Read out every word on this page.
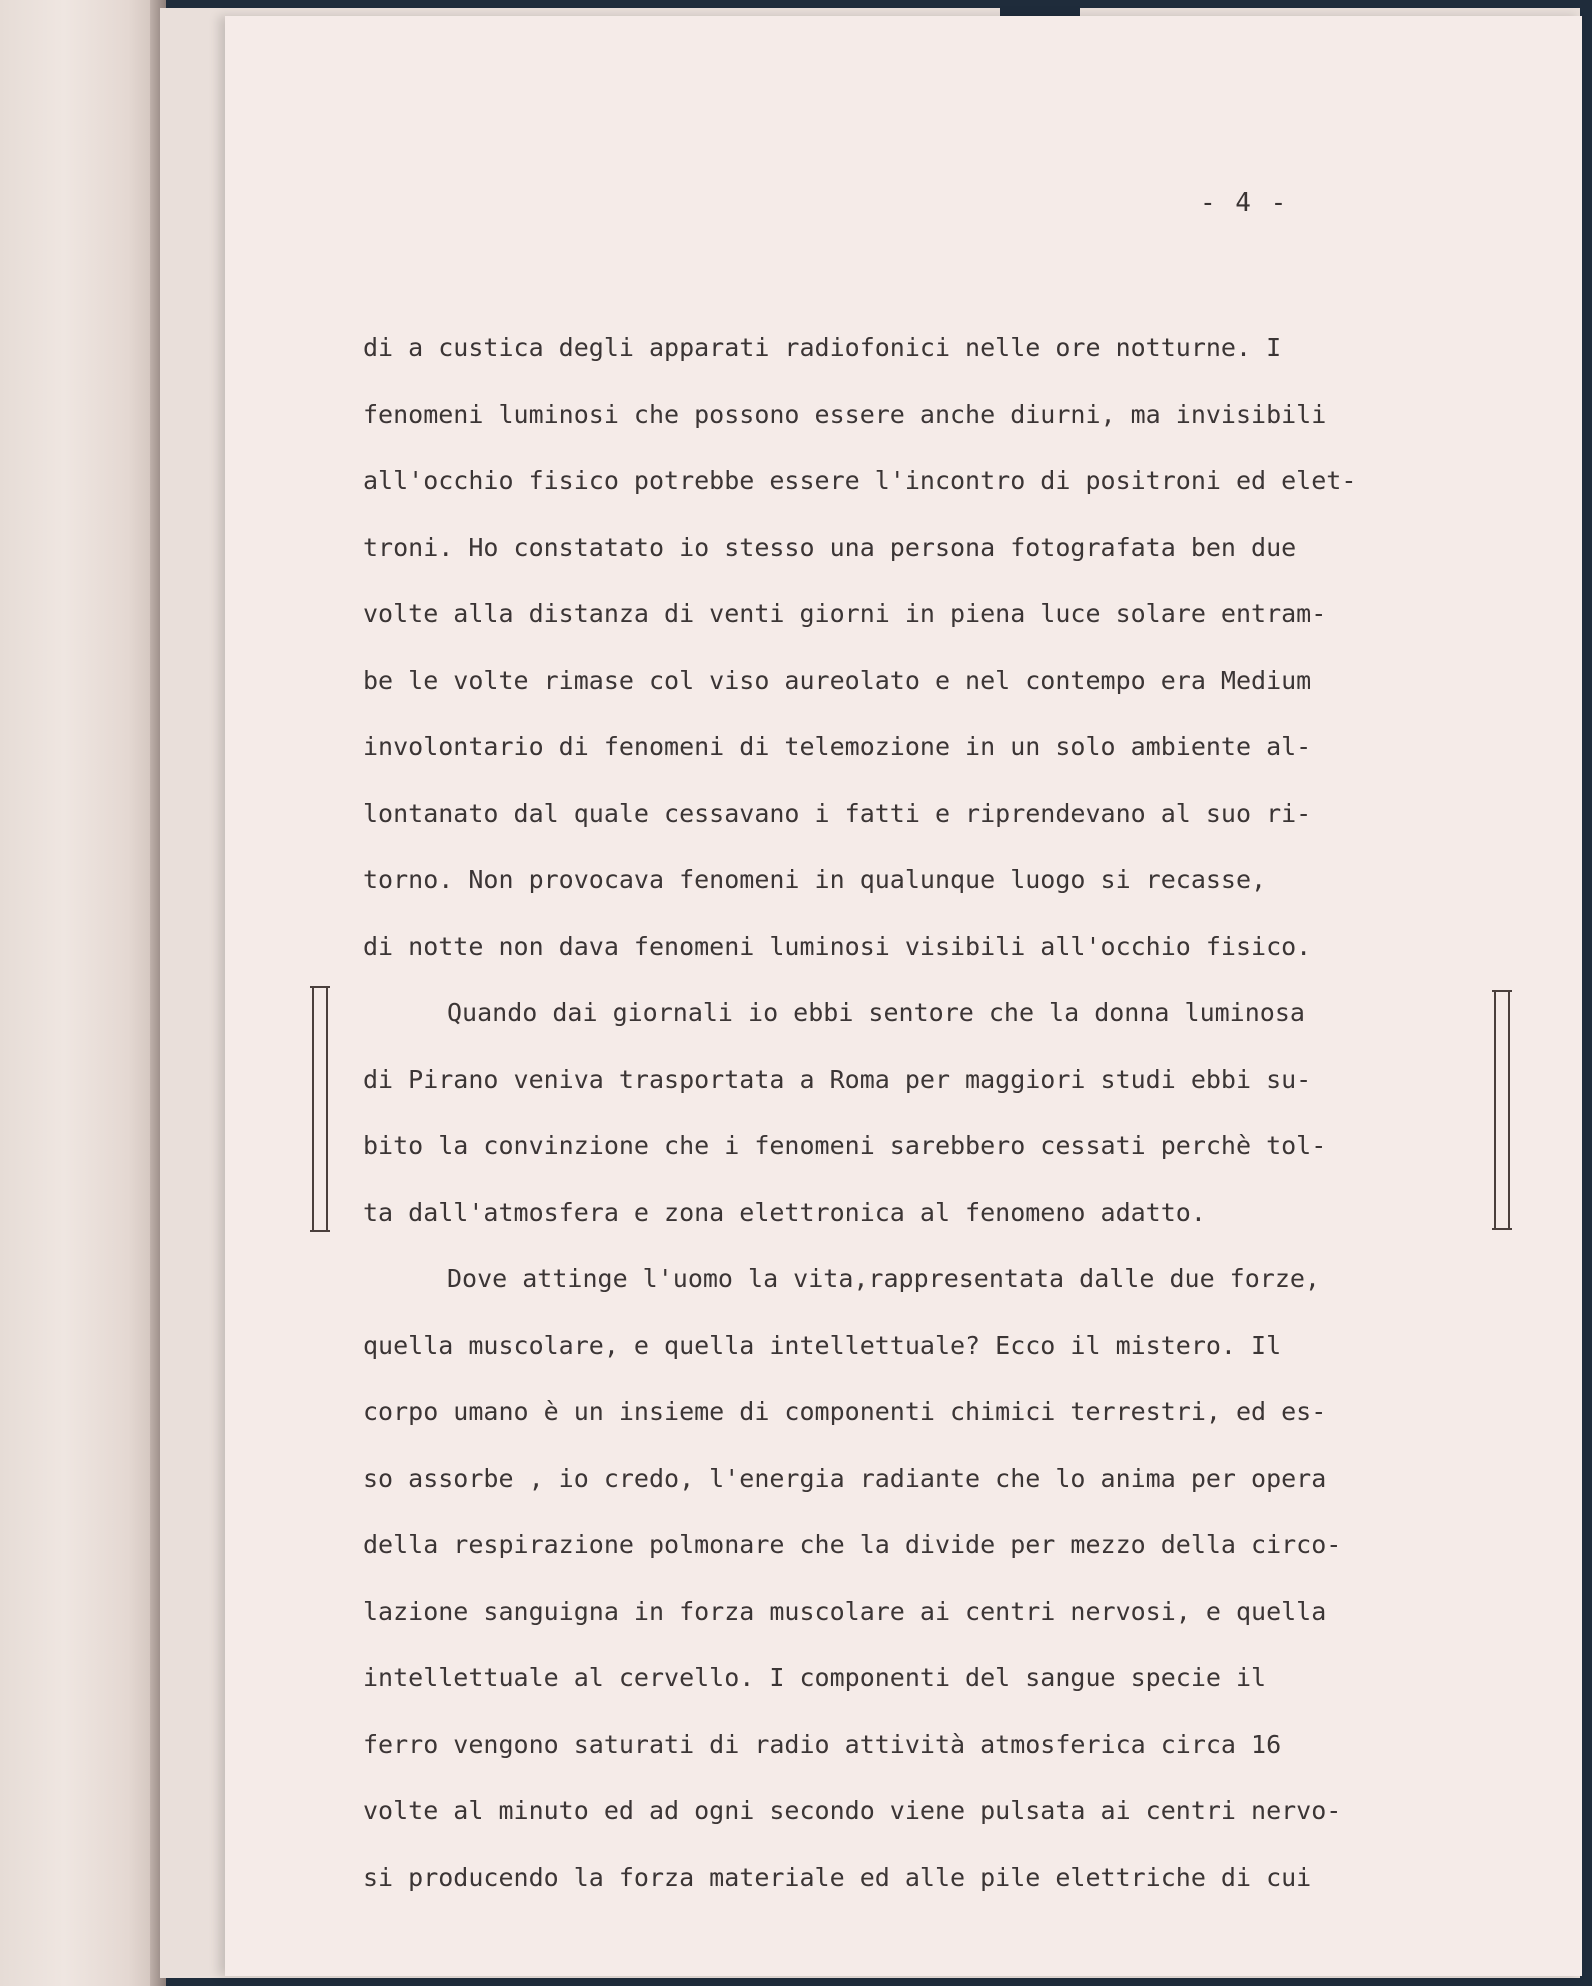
- 4 -
di a custica degli apparati radiofonici nelle ore notturne. I
fenomeni luminosi che possono essere anche diurni, ma invisibili
all'occhio fisico potrebbe essere l'incontro di positroni ed elet-
troni. Ho constatato io stesso una persona fotografata ben due
volte alla distanza di venti giorni in piena luce solare entram-
be le volte rimase col viso aureolato e nel contempo era Medium
involontario di fenomeni di telemozione in un solo ambiente al-
lontanato dal quale cessavano i fatti e riprendevano al suo ri-
torno. Non provocava fenomeni in qualunque luogo si recasse,
di notte non dava fenomeni luminosi visibili all'occhio fisico.
Quando dai giornali io ebbi sentore che la donna luminosa
di Pirano veniva trasportata a Roma per maggiori studi ebbi su-
bito la convinzione che i fenomeni sarebbero cessati perchè tol-
ta dall'atmosfera e zona elettronica al fenomeno adatto.
Dove attinge l'uomo la vita,rappresentata dalle due forze,
quella muscolare, e quella intellettuale? Ecco il mistero. Il
corpo umano è un insieme di componenti chimici terrestri, ed es-
so assorbe , io credo, l'energia radiante che lo anima per opera
della respirazione polmonare che la divide per mezzo della circo-
lazione sanguigna in forza muscolare ai centri nervosi, e quella
intellettuale al cervello. I componenti del sangue specie il
ferro vengono saturati di radio attività atmosferica circa 16
volte al minuto ed ad ogni secondo viene pulsata ai centri nervo-
si producendo la forza materiale ed alle pile elettriche di cui
